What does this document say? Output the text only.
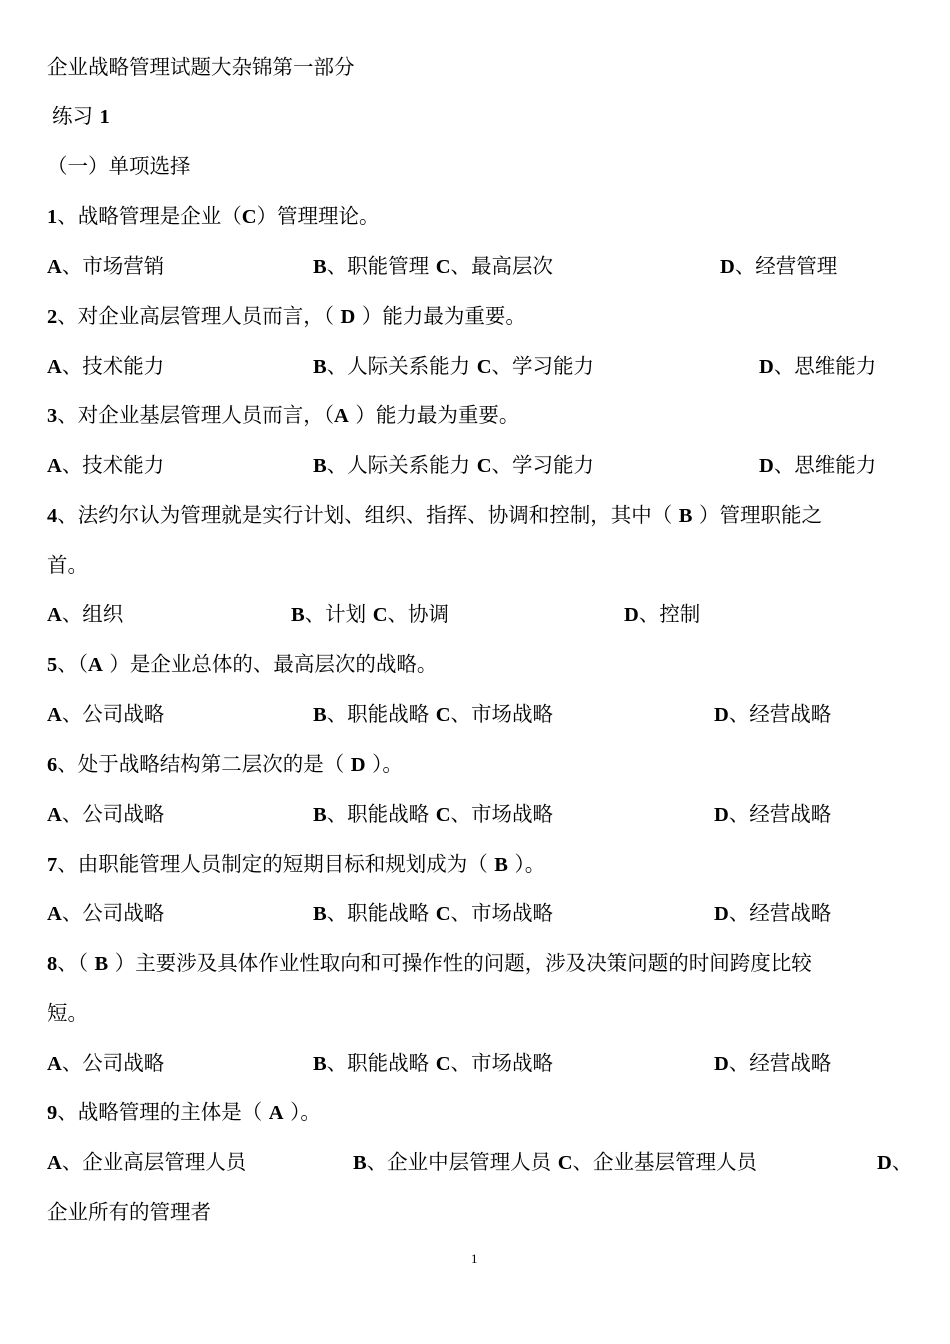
企业战略管理试题大杂锦第一部分
练习 1
（一）单项选择
1、战略管理是企业（C）管理理论。
2、对企业高层管理人员而言，（ D ）能力最为重要。
3、对企业基层管理人员而言，（A ）能力最为重要。
4、法约尔认为管理就是实行计划、组织、指挥、协调和控制，其中（ B ）管理职能之
首。
5、（A ）是企业总体的、最高层次的战略。
6、处于战略结构第二层次的是（ D ）。
7、由职能管理人员制定的短期目标和规划成为（ B ）。
8、（ B ）主要涉及具体作业性取向和可操作性的问题，涉及决策问题的时间跨度比较
短。
9、战略管理的主体是（ A ）。
A、市场营销	B、职能管理 C、最高层次	D、经营管理
A、技术能力	B、人际关系能力 C、学习能力	D、思维能力
A、技术能力	B、人际关系能力 C、学习能力	D、思维能力
A、组织	B、计划 C、协调	D、控制
A、公司战略	B、职能战略 C、市场战略	D、经营战略
A、公司战略	B、职能战略 C、市场战略	D、经营战略
A、公司战略	B、职能战略 C、市场战略	D、经营战略
A、公司战略	B、职能战略 C、市场战略	D、经营战略
A、企业高层管理人员	B、企业中层管理人员 C、企业基层管理人员	D、
企业所有的管理者
1
